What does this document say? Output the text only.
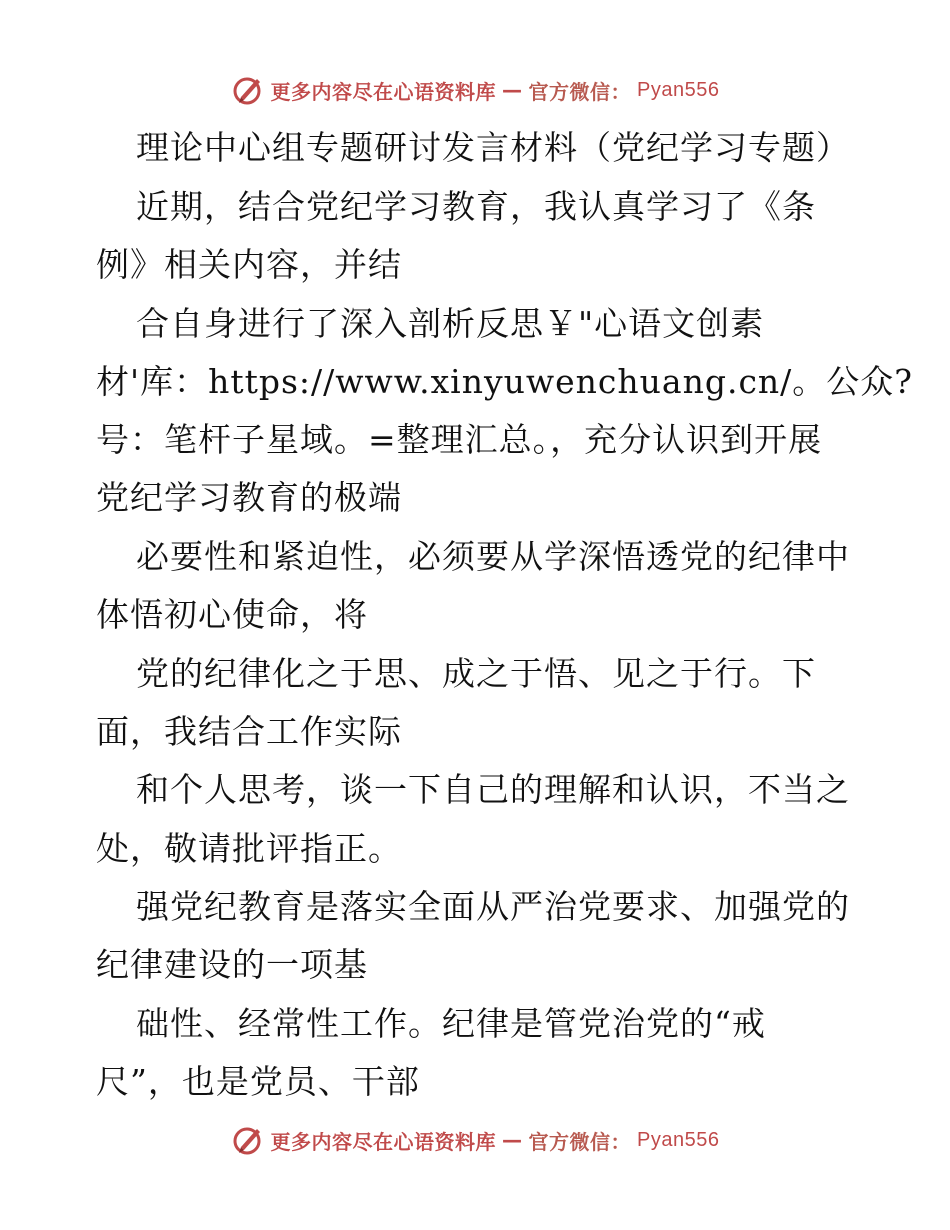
更多内容尽在心语资料库 — 官方微信： Pyan556
理论中心组专题研讨发言材料（党纪学习专题）
近期，结合党纪学习教育，我认真学习了《条
例》相关内容，并结
合自身进行了深入剖析反思￥"心语文创素
材'库：https://www.xinyuwenchuang.cn/。公众?
号：笔杆子星域。=整理汇总。，充分认识到开展
党纪学习教育的极端
必要性和紧迫性，必须要从学深悟透党的纪律中
体悟初心使命，将
党的纪律化之于思、成之于悟、见之于行。下
面，我结合工作实际
和个人思考，谈一下自己的理解和认识，不当之
处，敬请批评指正。
强党纪教育是落实全面从严治党要求、加强党的
纪律建设的一项基
础性、经常性工作。纪律是管党治党的“戒
尺”，也是党员、干部
更多内容尽在心语资料库 — 官方微信： Pyan556
